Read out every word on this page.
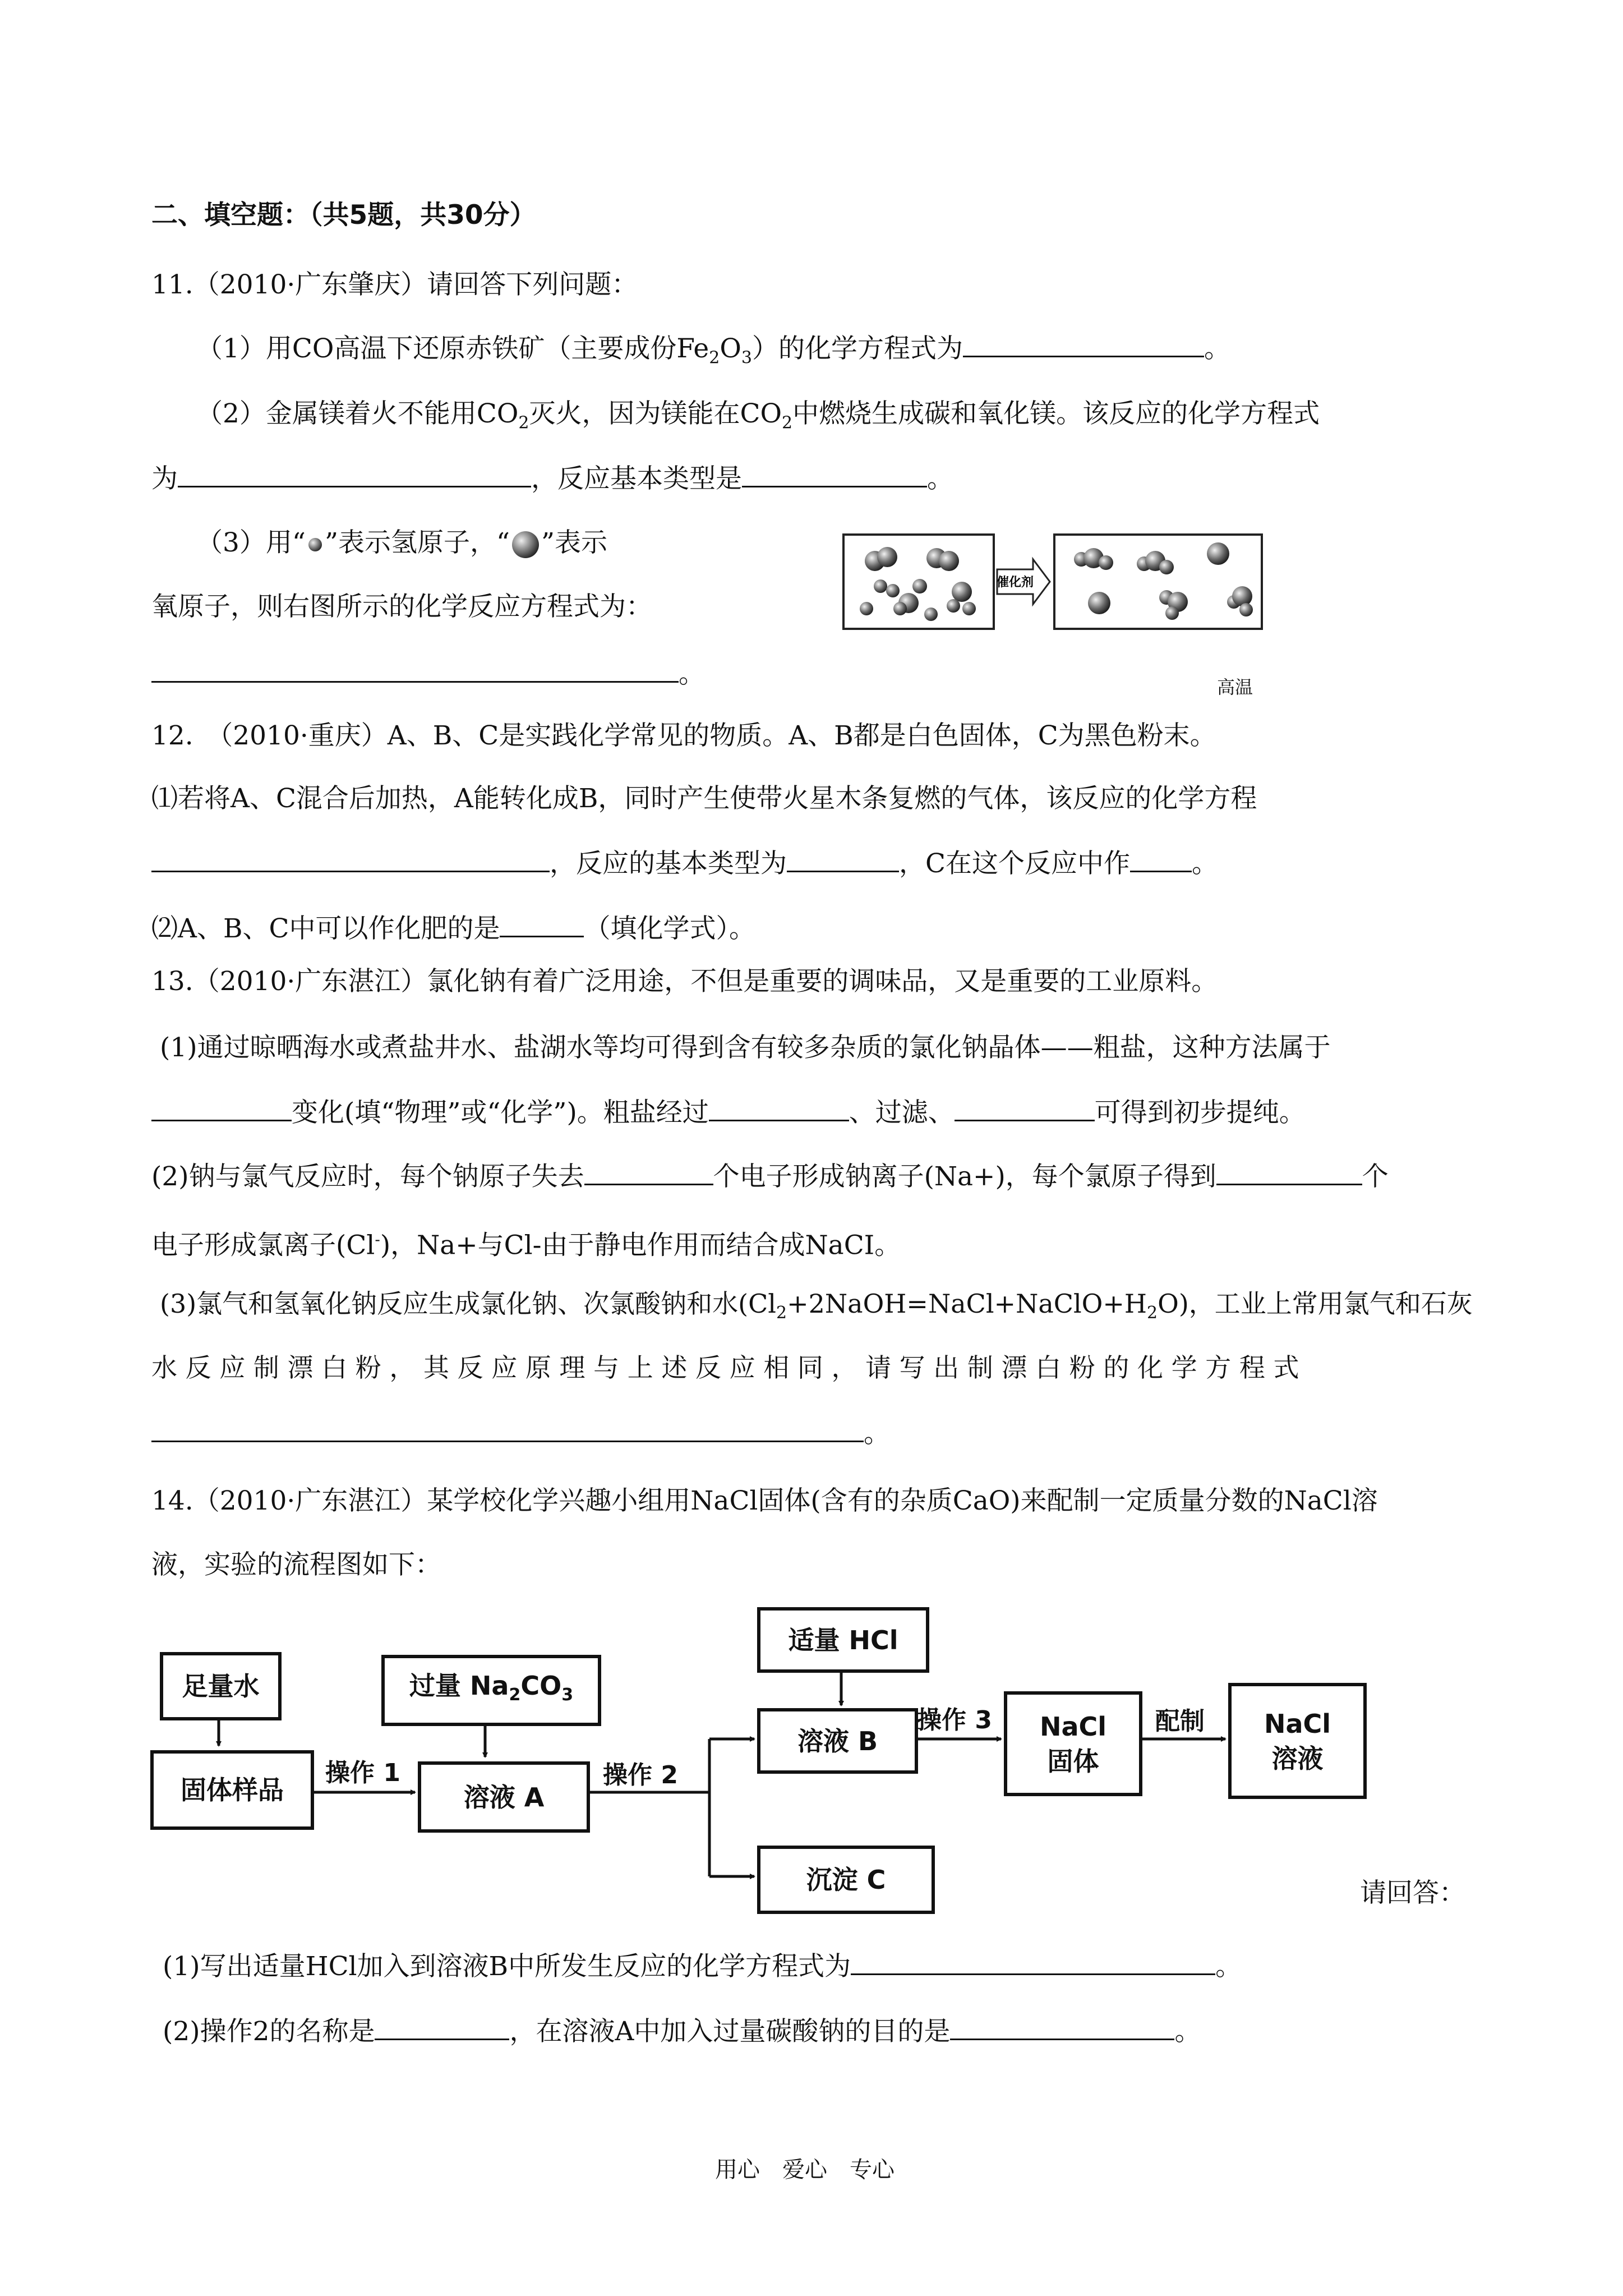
二、填空题：（共5题，共30分）
11.（2010·广东肇庆）请回答下列问题：
（1）用CO高温下还原赤铁矿（主要成份$Fe_2O_3$）的化学方程式为	。
（2）金属镁着火不能用$CO_2$灭火，因为镁能在$CO_2$中燃烧生成碳和氧化镁。该反应的化学方程式
为	，反应基本类型是	。
（3）用“ ”表示氢原子，“ ”表示
氧原子，则右图所示的化学反应方程式为：
。
催化剂
高温
12.　（2010·重庆）A、B、C是实践化学常见的物质。A、B都是白色固体，C为黑色粉末。
⑴若将A、C混合后加热，A能转化成B，同时产生使带火星木条复燃的气体，该反应的化学方程
，反应的基本类型为	，C在这个反应中作 。
⑵A、B、C中可以作化肥的是	（填化学式）。
13.（2010·广东湛江）氯化钠有着广泛用途，不但是重要的调味品，又是重要的工业原料。
(1)通过晾晒海水或煮盐井水、盐湖水等均可得到含有较多杂质的氯化钠晶体——粗盐，这种方法属于
变化(填“物理”或“化学”)。粗盐经过	、过滤、	可得到初步提纯。
(2)钠与氯气反应时，每个钠原子失去	个电子形成钠离子(Na+)，每个氯原子得到	个
电子形成氯离子(Cl-)，Na+与Cl-由于静电作用而结合成NaCI。
(3)氯气和氢氧化钠反应生成氯化钠、次氯酸钠和水$(Cl_2+2NaOH=NaCl+NaClO+H_2O)$，工业上常用氯气和石灰
水 反 应 制 漂 白 粉 ， 其 反 应 原 理 与 上 述 反 应 相 同 ， 请 写 出 制 漂 白 粉 的 化 学 方 程 式
。
14.（2010·广东湛江）某学校化学兴趣小组用NaCl固体(含有的杂质CaO)来配制一定质量分数的NaCl溶
液，实验的流程图如下：
足量水
固体样品
操作 1
过量 $Na_2CO_3$
溶液 A
操作 2
适量 HCl
溶液 B
操作 3 NaCl
固体
配制 NaCl
溶液
沉淀 C	请回答：
(1)写出适量HCl加入到溶液B中所发生反应的化学方程式为	。
(2)操作2的名称是	，在溶液A中加入过量碳酸钠的目的是	。
用心　爱心　专心
